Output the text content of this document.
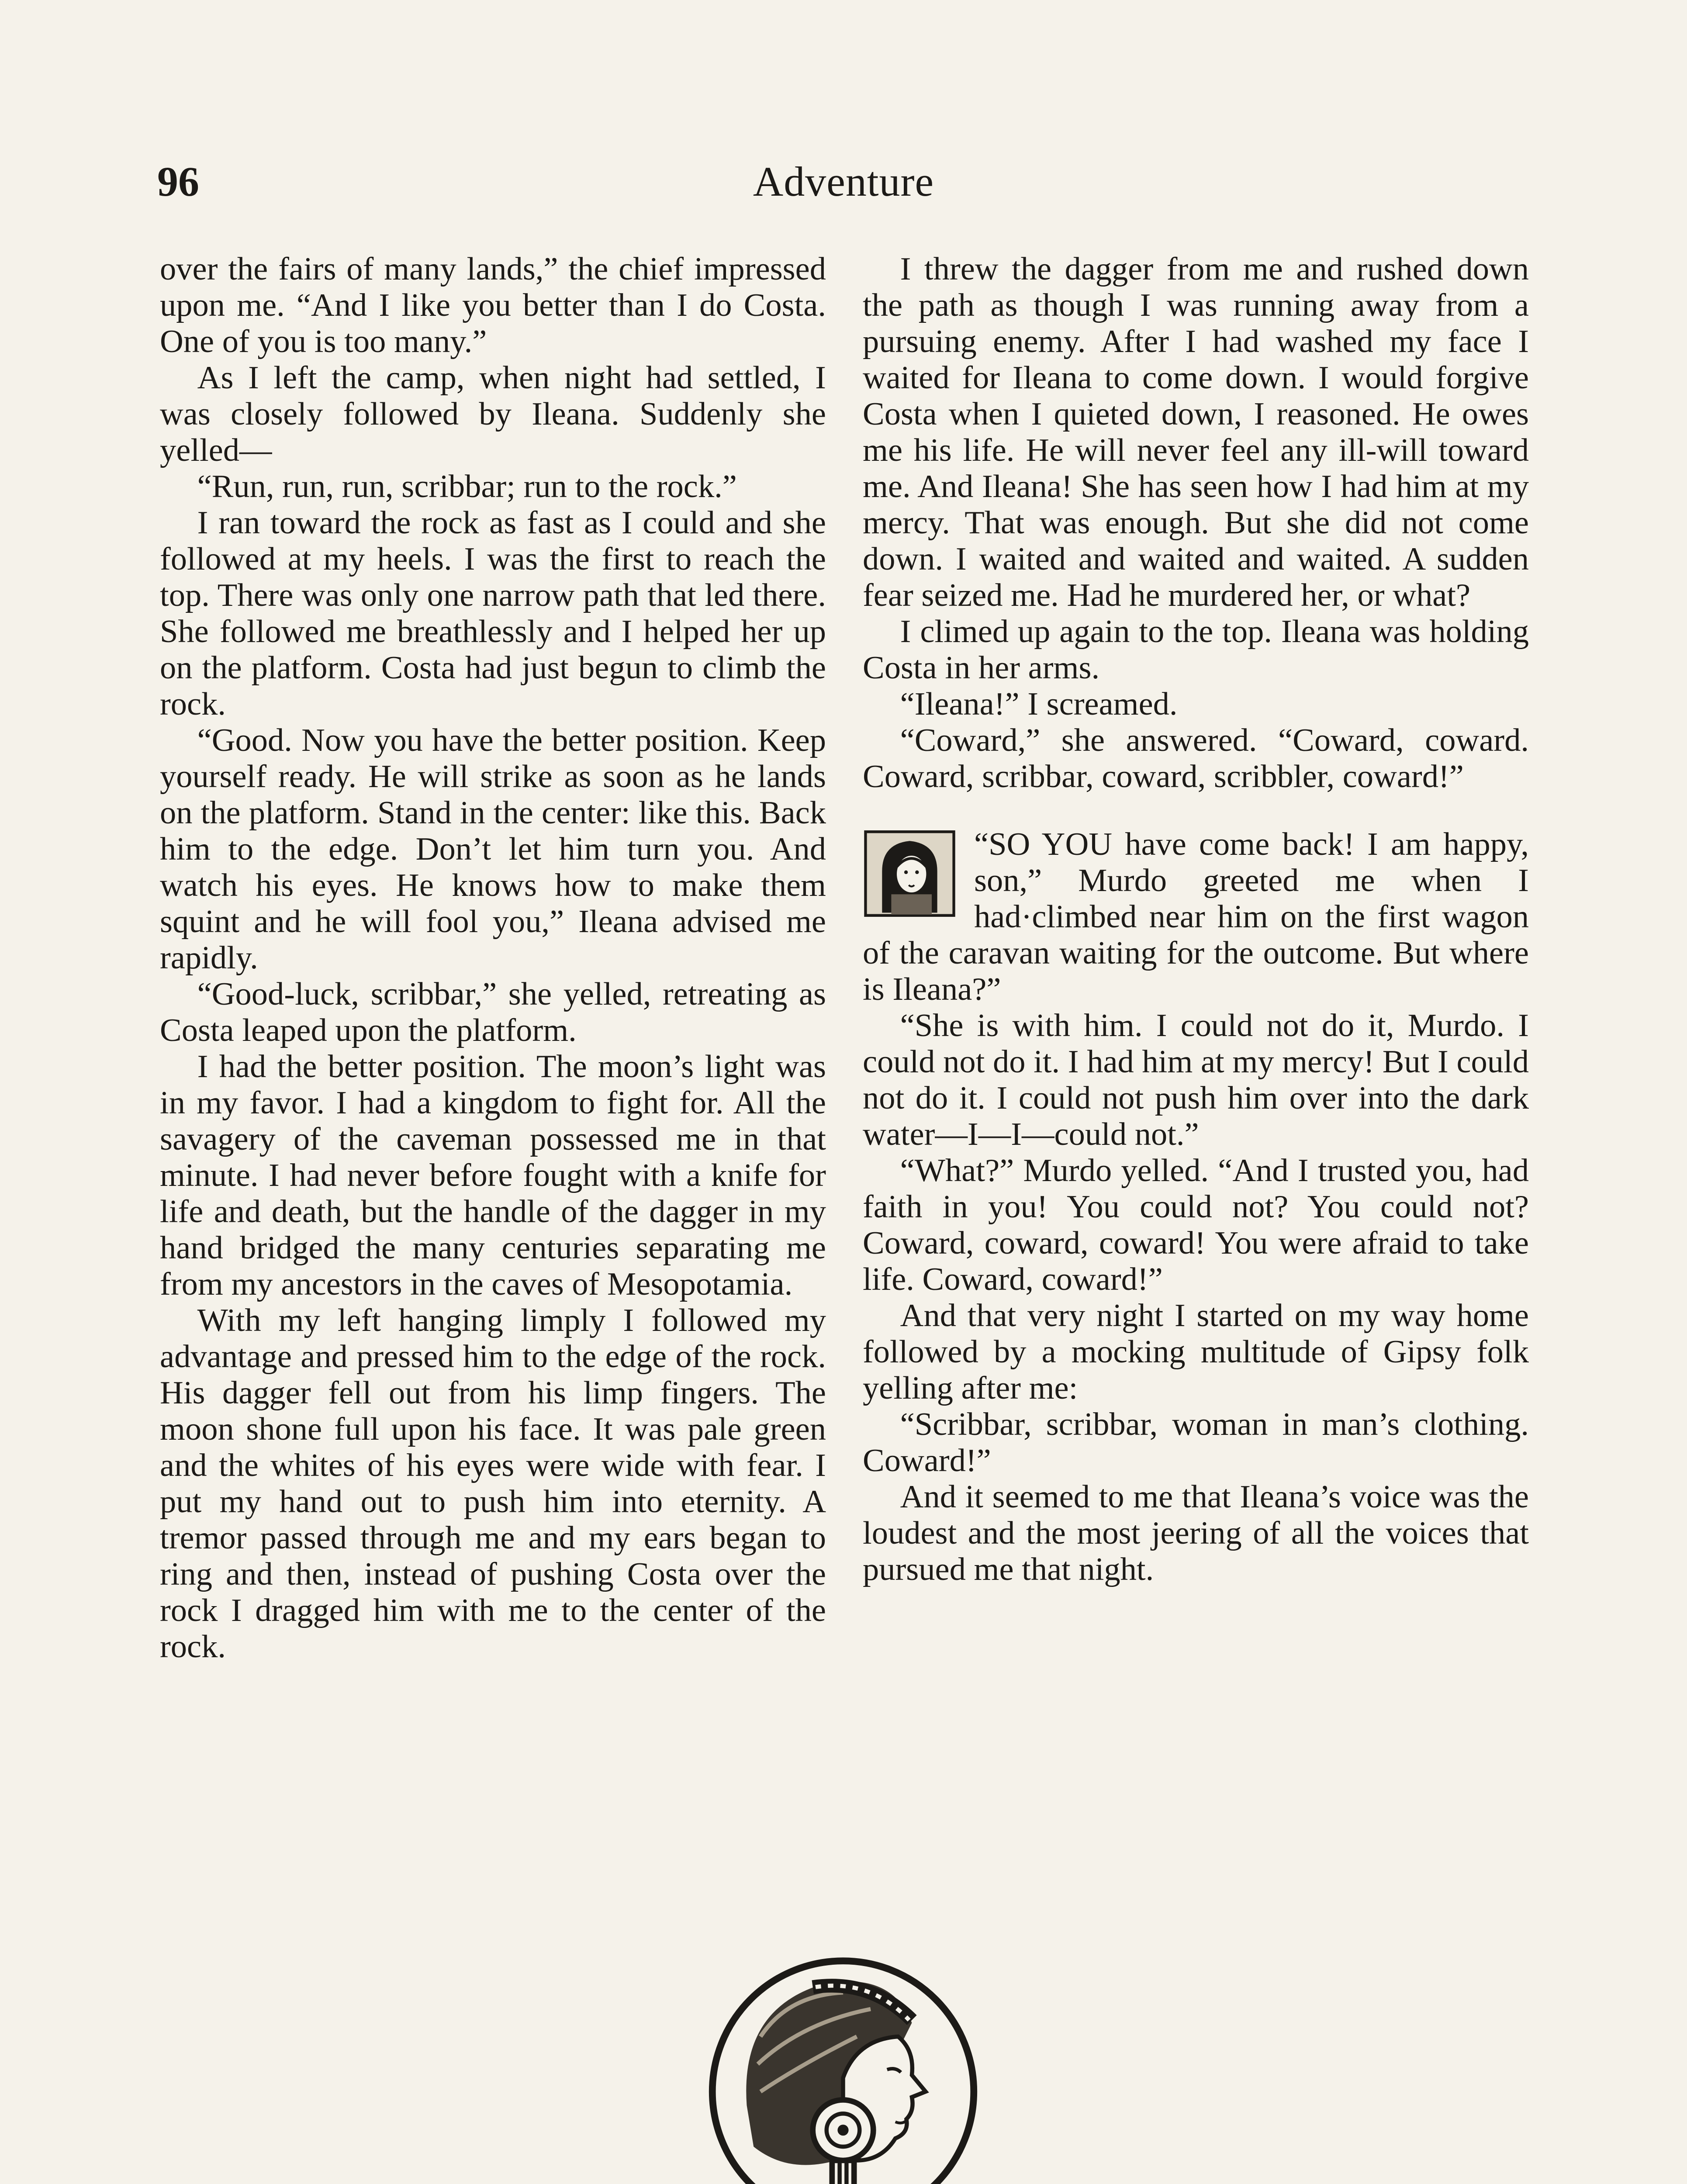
96	Adventure

over the fairs of many lands,” the chief impressed upon me. “And I like you better than I do Costa. One of you is too many.”

As I left the camp, when night had settled, I was closely followed by Ileana. Suddenly she yelled—

“Run, run, run, scribbar; run to the rock.”

I ran toward the rock as fast as I could and she followed at my heels. I was the first to reach the top. There was only one narrow path that led there. She followed me breathlessly and I helped her up on the platform. Costa had just begun to climb the rock.

“Good. Now you have the better position. Keep yourself ready. He will strike as soon as he lands on the platform. Stand in the center: like this. Back him to the edge. Don’t let him turn you. And watch his eyes. He knows how to make them squint and he will fool you,” Ileana advised me rapidly.

“Good-luck, scribbar,” she yelled, retreating as Costa leaped upon the platform.

I had the better position. The moon’s light was in my favor. I had a kingdom to fight for. All the savagery of the caveman possessed me in that minute. I had never before fought with a knife for life and death, but the handle of the dagger in my hand bridged the many centuries separating me from my ancestors in the caves of Mesopotamia.

With my left hanging limply I followed my advantage and pressed him to the edge of the rock. His dagger fell out from his limp fingers. The moon shone full upon his face. It was pale green and the whites of his eyes were wide with fear. I put my hand out to push him into eternity. A tremor passed through me and my ears began to ring and then, instead of pushing Costa over the rock I dragged him with me to the center of the rock.

I threw the dagger from me and rushed down the path as though I was running away from a pursuing enemy. After I had washed my face I waited for Ileana to come down. I would forgive Costa when I quieted down, I reasoned. He owes me his life. He will never feel any ill-will toward me. And Ileana! She has seen how I had him at my mercy. That was enough. But she did not come down. I waited and waited and waited. A sudden fear seized me. Had he murdered her, or what?

I climed up again to the top. Ileana was holding Costa in her arms.

“Ileana!” I screamed.

“Coward,” she answered. “Coward, coward. Coward, scribbar, coward, scribbler, coward!”

“SO YOU have come back! I am happy, son,” Murdo greeted me when I had·climbed near him on the first wagon of the caravan waiting for the outcome. But where is Ileana?”

“She is with him. I could not do it, Murdo. I could not do it. I had him at my mercy! But I could not do it. I could not push him over into the dark water—I—I—could not.”

“What?” Murdo yelled. “And I trusted you, had faith in you! You could not? You could not? Coward, coward, coward! You were afraid to take life. Coward, coward!”

And that very night I started on my way home followed by a mocking multitude of Gipsy folk yelling after me:

“Scribbar, scribbar, woman in man’s clothing. Coward!”

And it seemed to me that Ileana’s voice was the loudest and the most jeering of all the voices that pursued me that night.
